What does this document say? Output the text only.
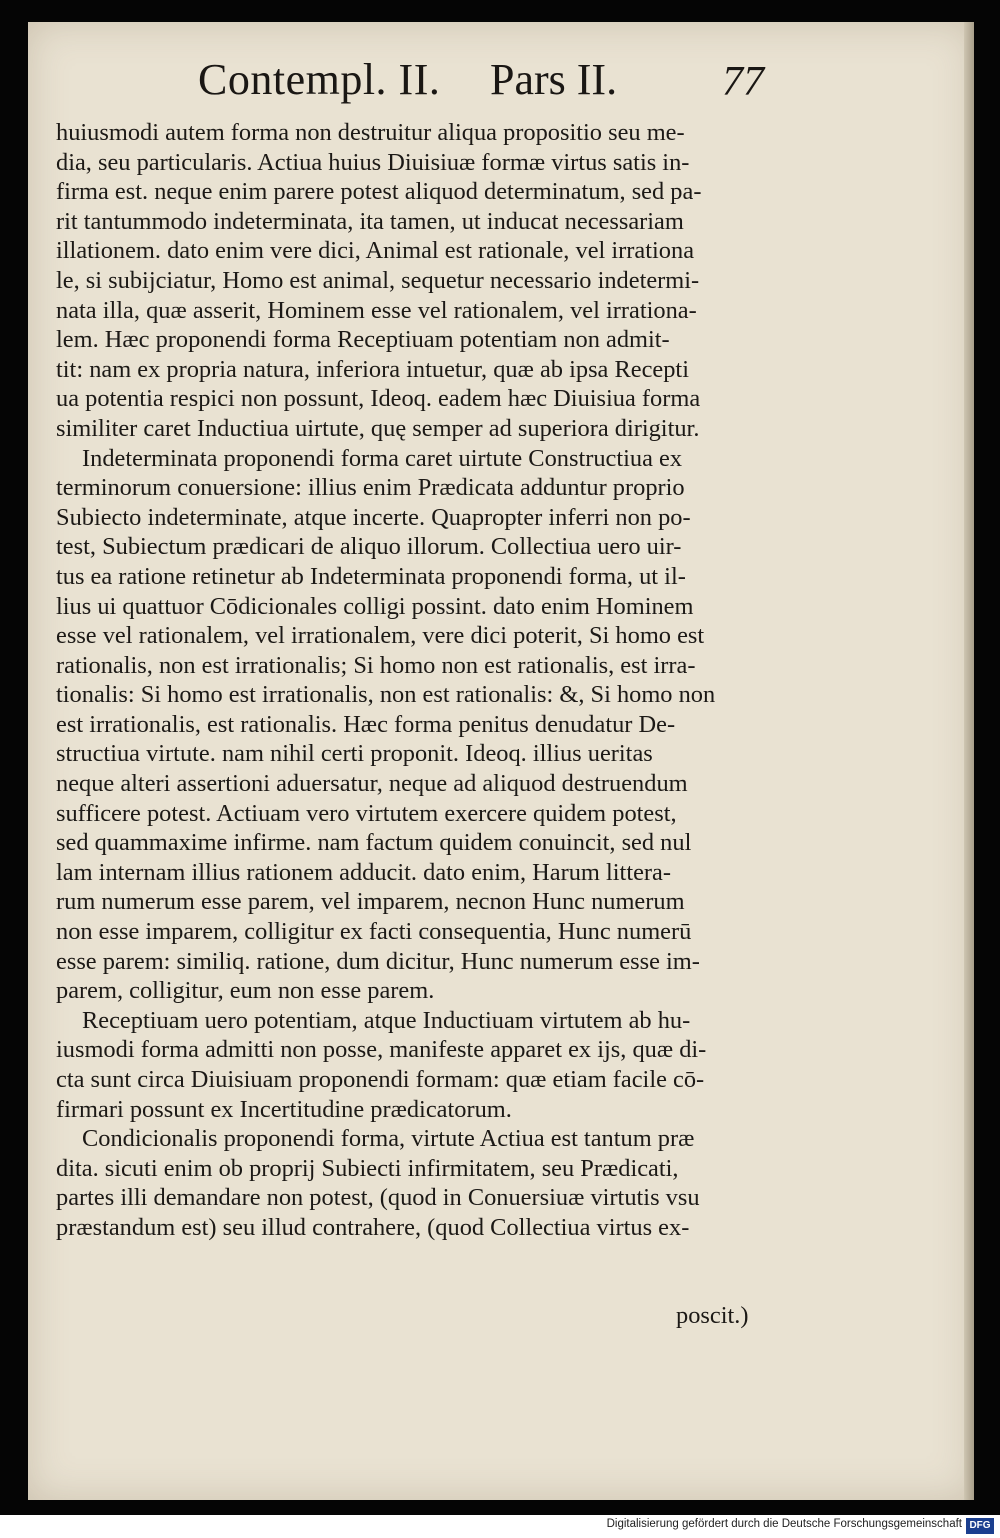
Contempl. II. Pars II. 77

huiusmodi autem forma non destruitur aliqua propositio seu me-
dia, seu particularis. Actiua huius Diuisiuæ formæ virtus satis in-
firma est. neque enim parere potest aliquod determinatum, sed pa-
rit tantummodo indeterminata, ita tamen, ut inducat necessariam
illationem. dato enim vere dici, Animal est rationale, vel irrationa
le, si subijciatur, Homo est animal, sequetur necessario indetermi-
nata illa, quæ asserit, Hominem esse vel rationalem, vel irrationa-
lem. Hæc proponendi forma Receptiuam potentiam non admit-
tit: nam ex propria natura, inferiora intuetur, quæ ab ipsa Recepti
ua potentia respici non possunt, Ideoq. eadem hæc Diuisiua forma
similiter caret Inductiua uirtute, quę semper ad superiora dirigitur.

Indeterminata proponendi forma caret uirtute Constructiua ex
terminorum conuersione: illius enim Prædicata adduntur proprio
Subiecto indeterminate, atque incerte. Quapropter inferri non po-
test, Subiectum prædicari de aliquo illorum. Collectiua uero uir-
tus ea ratione retinetur ab Indeterminata proponendi forma, ut il-
lius ui quattuor Cōdicionales colligi possint. dato enim Hominem
esse vel rationalem, vel irrationalem, vere dici poterit, Si homo est
rationalis, non est irrationalis; Si homo non est rationalis, est irra-
tionalis: Si homo est irrationalis, non est rationalis: &, Si homo non
est irrationalis, est rationalis. Hæc forma penitus denudatur De-
structiua virtute. nam nihil certi proponit. Ideoq. illius ueritas
neque alteri assertioni aduersatur, neque ad aliquod destruendum
sufficere potest. Actiuam vero virtutem exercere quidem potest,
sed quammaxime infirme. nam factum quidem conuincit, sed nul
lam internam illius rationem adducit. dato enim, Harum littera-
rum numerum esse parem, vel imparem, necnon Hunc numerum
non esse imparem, colligitur ex facti consequentia, Hunc numerū
esse parem: similiq. ratione, dum dicitur, Hunc numerum esse im-
parem, colligitur, eum non esse parem.

Receptiuam uero potentiam, atque Inductiuam virtutem ab hu-
iusmodi forma admitti non posse, manifeste apparet ex ijs, quæ di-
cta sunt circa Diuisiuam proponendi formam: quæ etiam facile cō-
firmari possunt ex Incertitudine prædicatorum.

Condicionalis proponendi forma, virtute Actiua est tantum præ
dita. sicuti enim ob proprij Subiecti infirmitatem, seu Prædicati,
partes illi demandare non potest, (quod in Conuersiuæ virtutis vsu
præstandum est) seu illud contrahere, (quod Collectiua virtus ex-

poscit.)
Digitalisierung gefördert durch die Deutsche Forschungsgemeinschaft DFG
